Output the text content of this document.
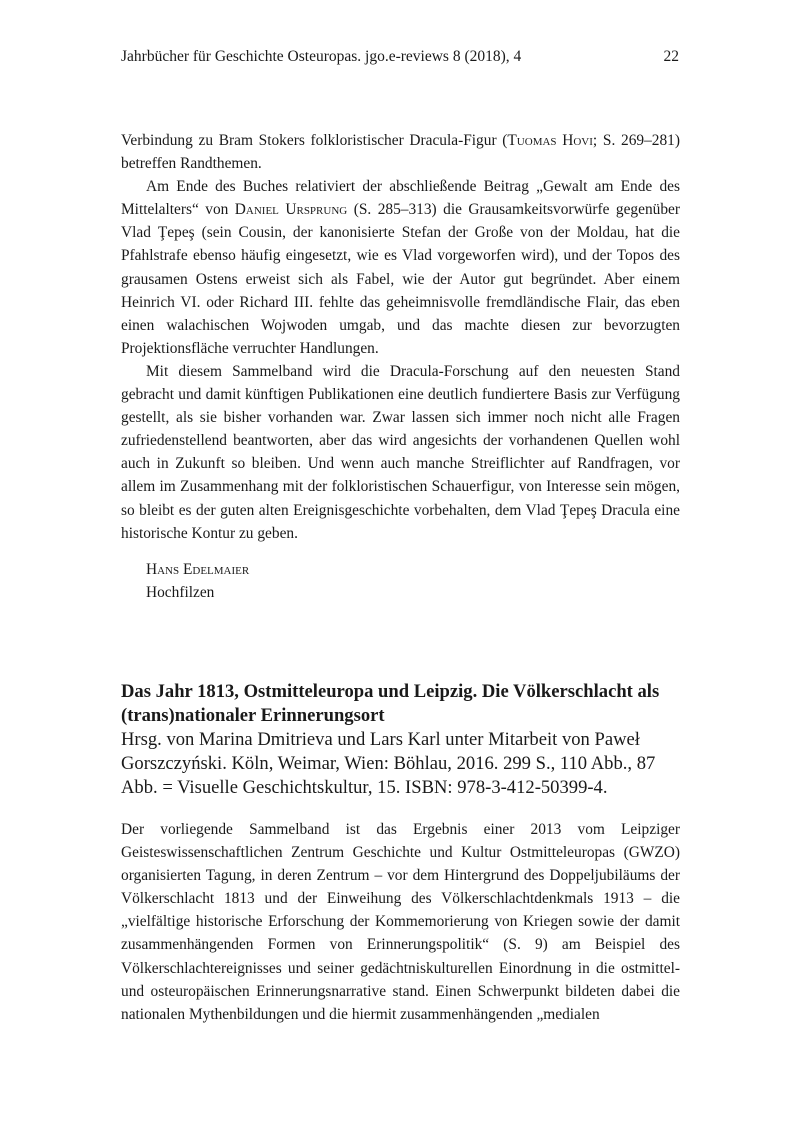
Jahrbücher für Geschichte Osteuropas. jgo.e-reviews 8 (2018), 4	22

Verbindung zu Bram Stokers folkloristischer Dracula-Figur (Tuomas Hovi; S. 269–281) betreffen Randthemen.

Am Ende des Buches relativiert der abschließende Beitrag „Gewalt am Ende des Mittelalters“ von Daniel Ursprung (S. 285–313) die Grausamkeitsvorwürfe gegenüber Vlad Ţepeş (sein Cousin, der kanonisierte Stefan der Große von der Moldau, hat die Pfahlstrafe ebenso häufig eingesetzt, wie es Vlad vorgeworfen wird), und der Topos des grausamen Ostens erweist sich als Fabel, wie der Autor gut begründet. Aber einem Heinrich VI. oder Richard III. fehlte das geheimnisvolle fremdländische Flair, das eben einen walachischen Wojwoden umgab, und das machte diesen zur bevorzugten Projektionsfläche verruchter Handlungen.

Mit diesem Sammelband wird die Dracula-Forschung auf den neuesten Stand gebracht und damit künftigen Publikationen eine deutlich fundiertere Basis zur Verfügung gestellt, als sie bisher vorhanden war. Zwar lassen sich immer noch nicht alle Fragen zufriedenstellend beantworten, aber das wird angesichts der vorhandenen Quellen wohl auch in Zukunft so bleiben. Und wenn auch manche Streiflichter auf Randfragen, vor allem im Zusammenhang mit der folkloristischen Schauerfigur, von Interesse sein mögen, so bleibt es der guten alten Ereignisgeschichte vorbehalten, dem Vlad Ţepeş Dracula eine historische Kontur zu geben.

Hans Edelmaier
Hochfilzen

Das Jahr 1813, Ostmitteleuropa und Leipzig. Die Völkerschlacht als (trans)nationaler Erinnerungsort

Hrsg. von Marina Dmitrieva und Lars Karl unter Mitarbeit von Paweł Gorszczyński. Köln, Weimar, Wien: Böhlau, 2016. 299 S., 110 Abb., 87 Abb. = Visuelle Geschichtskultur, 15. ISBN: 978-3-412-50399-4.

Der vorliegende Sammelband ist das Ergebnis einer 2013 vom Leipziger Geisteswissenschaftlichen Zentrum Geschichte und Kultur Ostmitteleuropas (GWZO) organisierten Tagung, in deren Zentrum – vor dem Hintergrund des Doppeljubiläums der Völkerschlacht 1813 und der Einweihung des Völkerschlachtdenkmals 1913 – die „vielfältige historische Erforschung der Kommemorierung von Kriegen sowie der damit zusammenhängenden Formen von Erinnerungspolitik“ (S. 9) am Beispiel des Völkerschlachtereignisses und seiner gedächtniskulturellen Einordnung in die ostmittel- und osteuropäischen Erinnerungsnarrative stand. Einen Schwerpunkt bildeten dabei die nationalen Mythenbildungen und die hiermit zusammenhängenden „medialen
